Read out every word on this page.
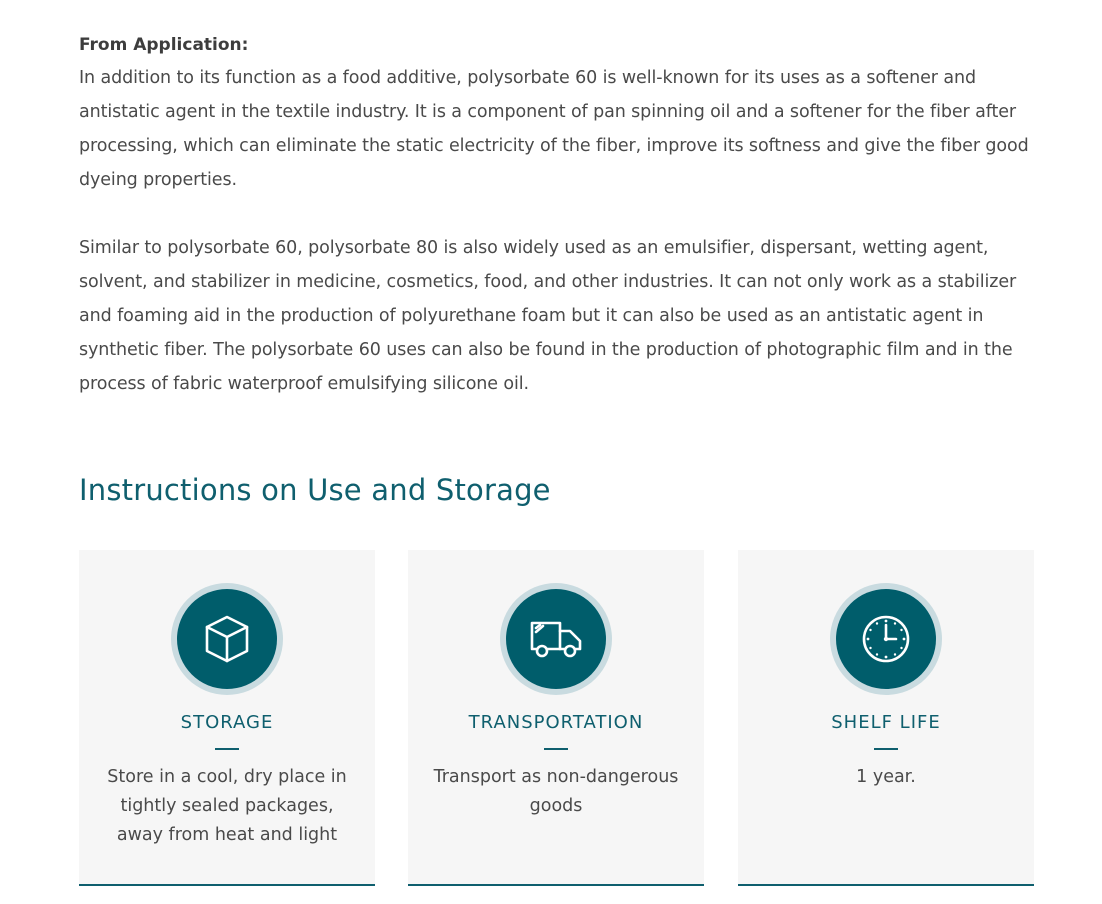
From Application:

In addition to its function as a food additive, polysorbate 60 is well-known for its uses as a softener and antistatic agent in the textile industry. It is a component of pan spinning oil and a softener for the fiber after processing, which can eliminate the static electricity of the fiber, improve its softness and give the fiber good dyeing properties.

Similar to polysorbate 60, polysorbate 80 is also widely used as an emulsifier, dispersant, wetting agent, solvent, and stabilizer in medicine, cosmetics, food, and other industries. It can not only work as a stabilizer and foaming aid in the production of polyurethane foam but it can also be used as an antistatic agent in synthetic fiber. The polysorbate 60 uses can also be found in the production of photographic film and in the process of fabric waterproof emulsifying silicone oil.

Instructions on Use and Storage
STORAGE

Store in a cool, dry place in tightly sealed packages, away from heat and light

TRANSPORTATION

Transport as non-dangerous goods

SHELF LIFE

1 year.
